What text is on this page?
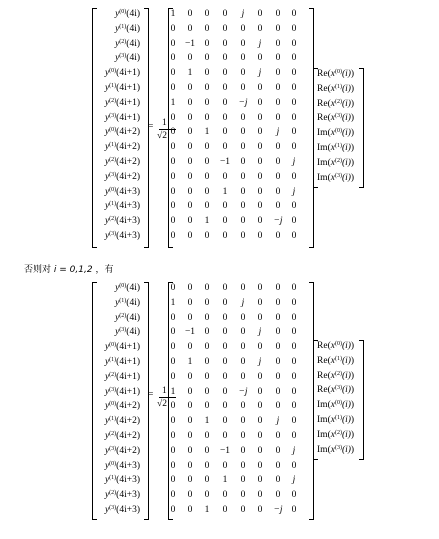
$y^{(0)}(4i)$
$y^{(1)}(4i)$
$y^{(2)}(4i)$
$y^{(3)}(4i)$
$y^{(0)}(4i+1)$
$y^{(1)}(4i+1)$
$y^{(2)}(4i+1)$
$y^{(3)}(4i+1)$
$y^{(0)}(4i+2)$
$y^{(1)}(4i+2)$
$y^{(2)}(4i+2)$
$y^{(3)}(4i+2)$
$y^{(0)}(4i+3)$
$y^{(1)}(4i+3)$
$y^{(2)}(4i+3)$
$y^{(3)}(4i+3)$
= 1
√2
1	0	0	0	j	0	0	0
0	0	0	0	0	0	0	0
0	−1	0	0	0	j	0	0
0	0	0	0	0	0	0	0
0	1	0	0	0	j	0	0
0	0	0	0	0	0	0	0
1	0	0	0	−j	0	0	0
0	0	0	0	0	0	0	0
0	0	1	0	0	0	j	0
0	0	0	0	0	0	0	0
0	0	0	−1	0	0	0	j
0	0	0	0	0	0	0	0
0	0	0	1	0	0	0	j
0	0	0	0	0	0	0	0
0	0	1	0	0	0	−j 0
0	0	0	0	0	0	0	0
$Re(x^{(0)}(i))$
$Re(x^{(1)}(i))$
$Re(x^{(2)}(i))$
$Re(x^{(3)}(i))$
$Im(x^{(0)}(i))$
$Im(x^{(1)}(i))$
$Im(x^{(2)}(i))$
$Im(x^{(3)}(i))$
否则对 i = 0,1,2 ，有
$y^{(0)}(4i)$
$y^{(1)}(4i)$
$y^{(2)}(4i)$
$y^{(3)}(4i)$
$y^{(0)}(4i+1)$
$y^{(1)}(4i+1)$
$y^{(2)}(4i+1)$
$y^{(3)}(4i+1)$
$y^{(0)}(4i+2)$
$y^{(1)}(4i+2)$
$y^{(2)}(4i+2)$
$y^{(3)}(4i+2)$
$y^{(0)}(4i+3)$
$y^{(1)}(4i+3)$
$y^{(2)}(4i+3)$
$y^{(3)}(4i+3)$
= 1
√2
0	0	0	0	0	0	0	0
1	0	0	0	j	0	0	0
0	0	0	0	0	0	0	0
0	−1	0	0	0	j	0	0
0	0	0	0	0	0	0	0
0	1	0	0	0	j	0	0
0	0	0	0	0	0	0	0
1	0	0	0	−j	0	0	0
0	0	0	0	0	0	0	0
0	0	1	0	0	0	j	0
0	0	0	0	0	0	0	0
0	0	0	−1	0	0	0	j
0	0	0	0	0	0	0	0
0	0	0	1	0	0	0	j
0	0	0	0	0	0	0	0
0	0	1	0	0	0	−j 0
$Re(x^{(0)}(i))$
$Re(x^{(1)}(i))$
$Re(x^{(2)}(i))$
$Re(x^{(3)}(i))$
$Im(x^{(0)}(i))$
$Im(x^{(1)}(i))$
$Im(x^{(2)}(i))$
$Im(x^{(3)}(i))$
